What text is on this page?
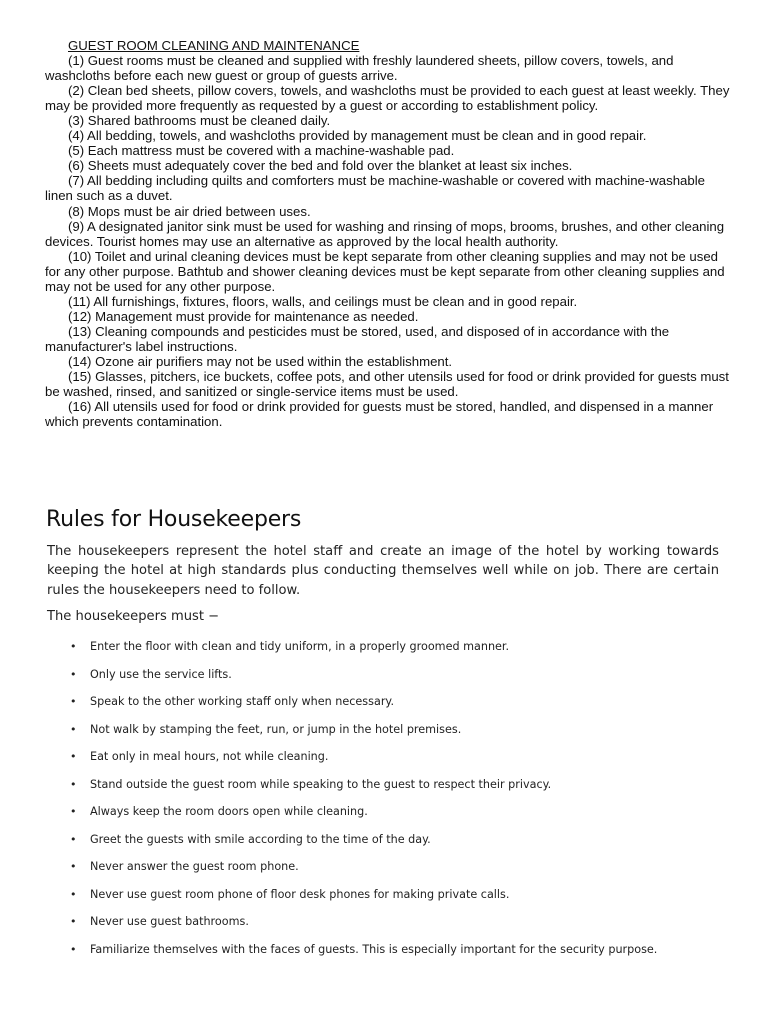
GUEST ROOM CLEANING AND MAINTENANCE

(1) Guest rooms must be cleaned and supplied with freshly laundered sheets, pillow covers, towels, and washcloths before each new guest or group of guests arrive.

(2) Clean bed sheets, pillow covers, towels, and washcloths must be provided to each guest at least weekly. They may be provided more frequently as requested by a guest or according to establishment policy.

(3) Shared bathrooms must be cleaned daily.

(4) All bedding, towels, and washcloths provided by management must be clean and in good repair.

(5) Each mattress must be covered with a machine-washable pad.

(6) Sheets must adequately cover the bed and fold over the blanket at least six inches.

(7) All bedding including quilts and comforters must be machine-washable or covered with machine-washable linen such as a duvet.

(8) Mops must be air dried between uses.

(9) A designated janitor sink must be used for washing and rinsing of mops, brooms, brushes, and other cleaning devices. Tourist homes may use an alternative as approved by the local health authority.

(10) Toilet and urinal cleaning devices must be kept separate from other cleaning supplies and may not be used for any other purpose. Bathtub and shower cleaning devices must be kept separate from other cleaning supplies and may not be used for any other purpose.

(11) All furnishings, fixtures, floors, walls, and ceilings must be clean and in good repair.

(12) Management must provide for maintenance as needed.

(13) Cleaning compounds and pesticides must be stored, used, and disposed of in accordance with the manufacturer's label instructions.

(14) Ozone air purifiers may not be used within the establishment.

(15) Glasses, pitchers, ice buckets, coffee pots, and other utensils used for food or drink provided for guests must be washed, rinsed, and sanitized or single-service items must be used.

(16) All utensils used for food or drink provided for guests must be stored, handled, and dispensed in a manner which prevents contamination.

Rules for Housekeepers

The housekeepers represent the hotel staff and create an image of the hotel by working towards keeping the hotel at high standards plus conducting themselves well while on job. There are certain rules the housekeepers need to follow.

The housekeepers must −

• Enter the floor with clean and tidy uniform, in a properly groomed manner.
• Only use the service lifts.
• Speak to the other working staff only when necessary.
• Not walk by stamping the feet, run, or jump in the hotel premises.
• Eat only in meal hours, not while cleaning.
• Stand outside the guest room while speaking to the guest to respect their privacy.
• Always keep the room doors open while cleaning.
• Greet the guests with smile according to the time of the day.
• Never answer the guest room phone.
• Never use guest room phone of floor desk phones for making private calls.
• Never use guest bathrooms.
• Familiarize themselves with the faces of guests. This is especially important for the security purpose.
